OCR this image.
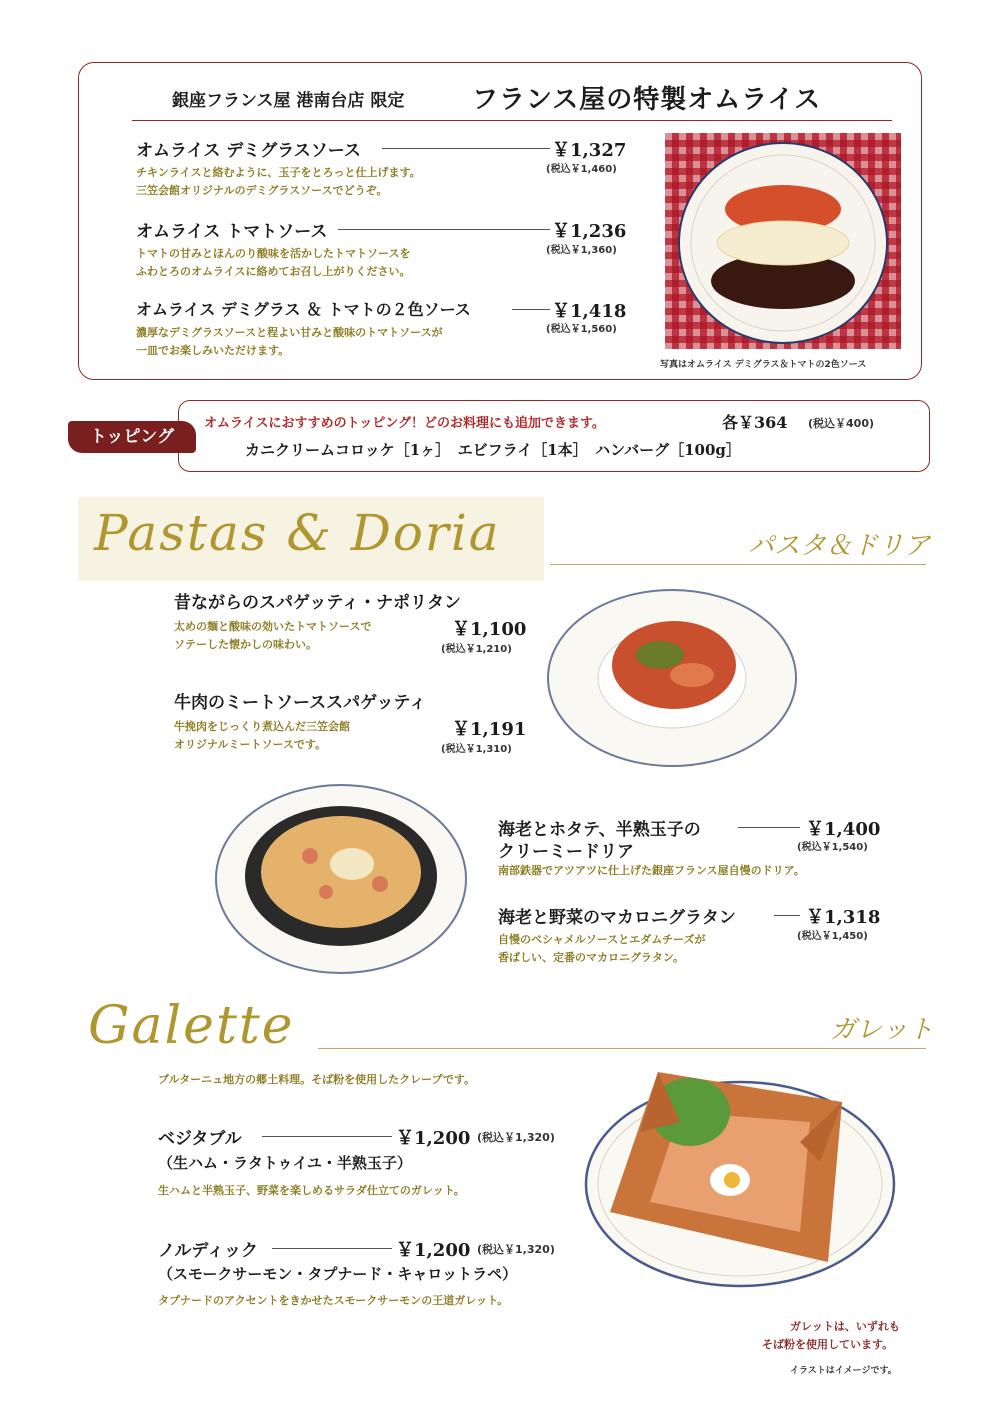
銀座フランス屋 港南台店 限定	フランス屋の特製オムライス
オムライス デミグラスソース	￥1,327
(税込￥1,460)
チキンライスと絡むように、玉子をとろっと仕上げます。
三笠会館オリジナルのデミグラスソースでどうぞ。
オムライス トマトソース	￥1,236
(税込￥1,360)
トマトの甘みとほんのり酸味を活かしたトマトソースを
ふわとろのオムライスに絡めてお召し上がりください。
オムライス デミグラス ＆ トマトの２色ソース	￥1,418
(税込￥1,560)
濃厚なデミグラスソースと程よい甘みと酸味のトマトソースが
一皿でお楽しみいただけます。
写真はオムライス デミグラス＆トマトの2色ソース
トッピング
オムライスにおすすめのトッピング！どのお料理にも追加できます。	各￥364 (税込￥400)
カニクリームコロッケ［1ヶ］　エビフライ［1本］　ハンバーグ［100g］
Pastas & Doria	パスタ＆ドリア
昔ながらのスパゲッティ・ナポリタン
太めの麺と酸味の効いたトマトソースで
ソテーした懐かしの味わい。
￥1,100
(税込￥1,210)
牛肉のミートソーススパゲッティ
牛挽肉をじっくり煮込んだ三笠会館
オリジナルミートソースです。
￥1,191
(税込￥1,310)
海老とホタテ、半熟玉子の
クリーミードリア
￥1,400
(税込￥1,540)
南部鉄器でアツアツに仕上げた銀座フランス屋自慢のドリア。
海老と野菜のマカロニグラタン	￥1,318
(税込￥1,450)
自慢のベシャメルソースとエダムチーズが
香ばしい、定番のマカロニグラタン。
Galette	ガレット
ブルターニュ地方の郷土料理。そば粉を使用したクレープです。
ベジタブル	￥1,200 (税込￥1,320)
（生ハム・ラタトゥイユ・半熟玉子）
生ハムと半熟玉子、野菜を楽しめるサラダ仕立てのガレット。
ノルディック	￥1,200 (税込￥1,320)
（スモークサーモン・タプナード・キャロットラペ）
タプナードのアクセントをきかせたスモークサーモンの王道ガレット。
ガレットは、いずれも
そば粉を使用しています。
イラストはイメージです。
